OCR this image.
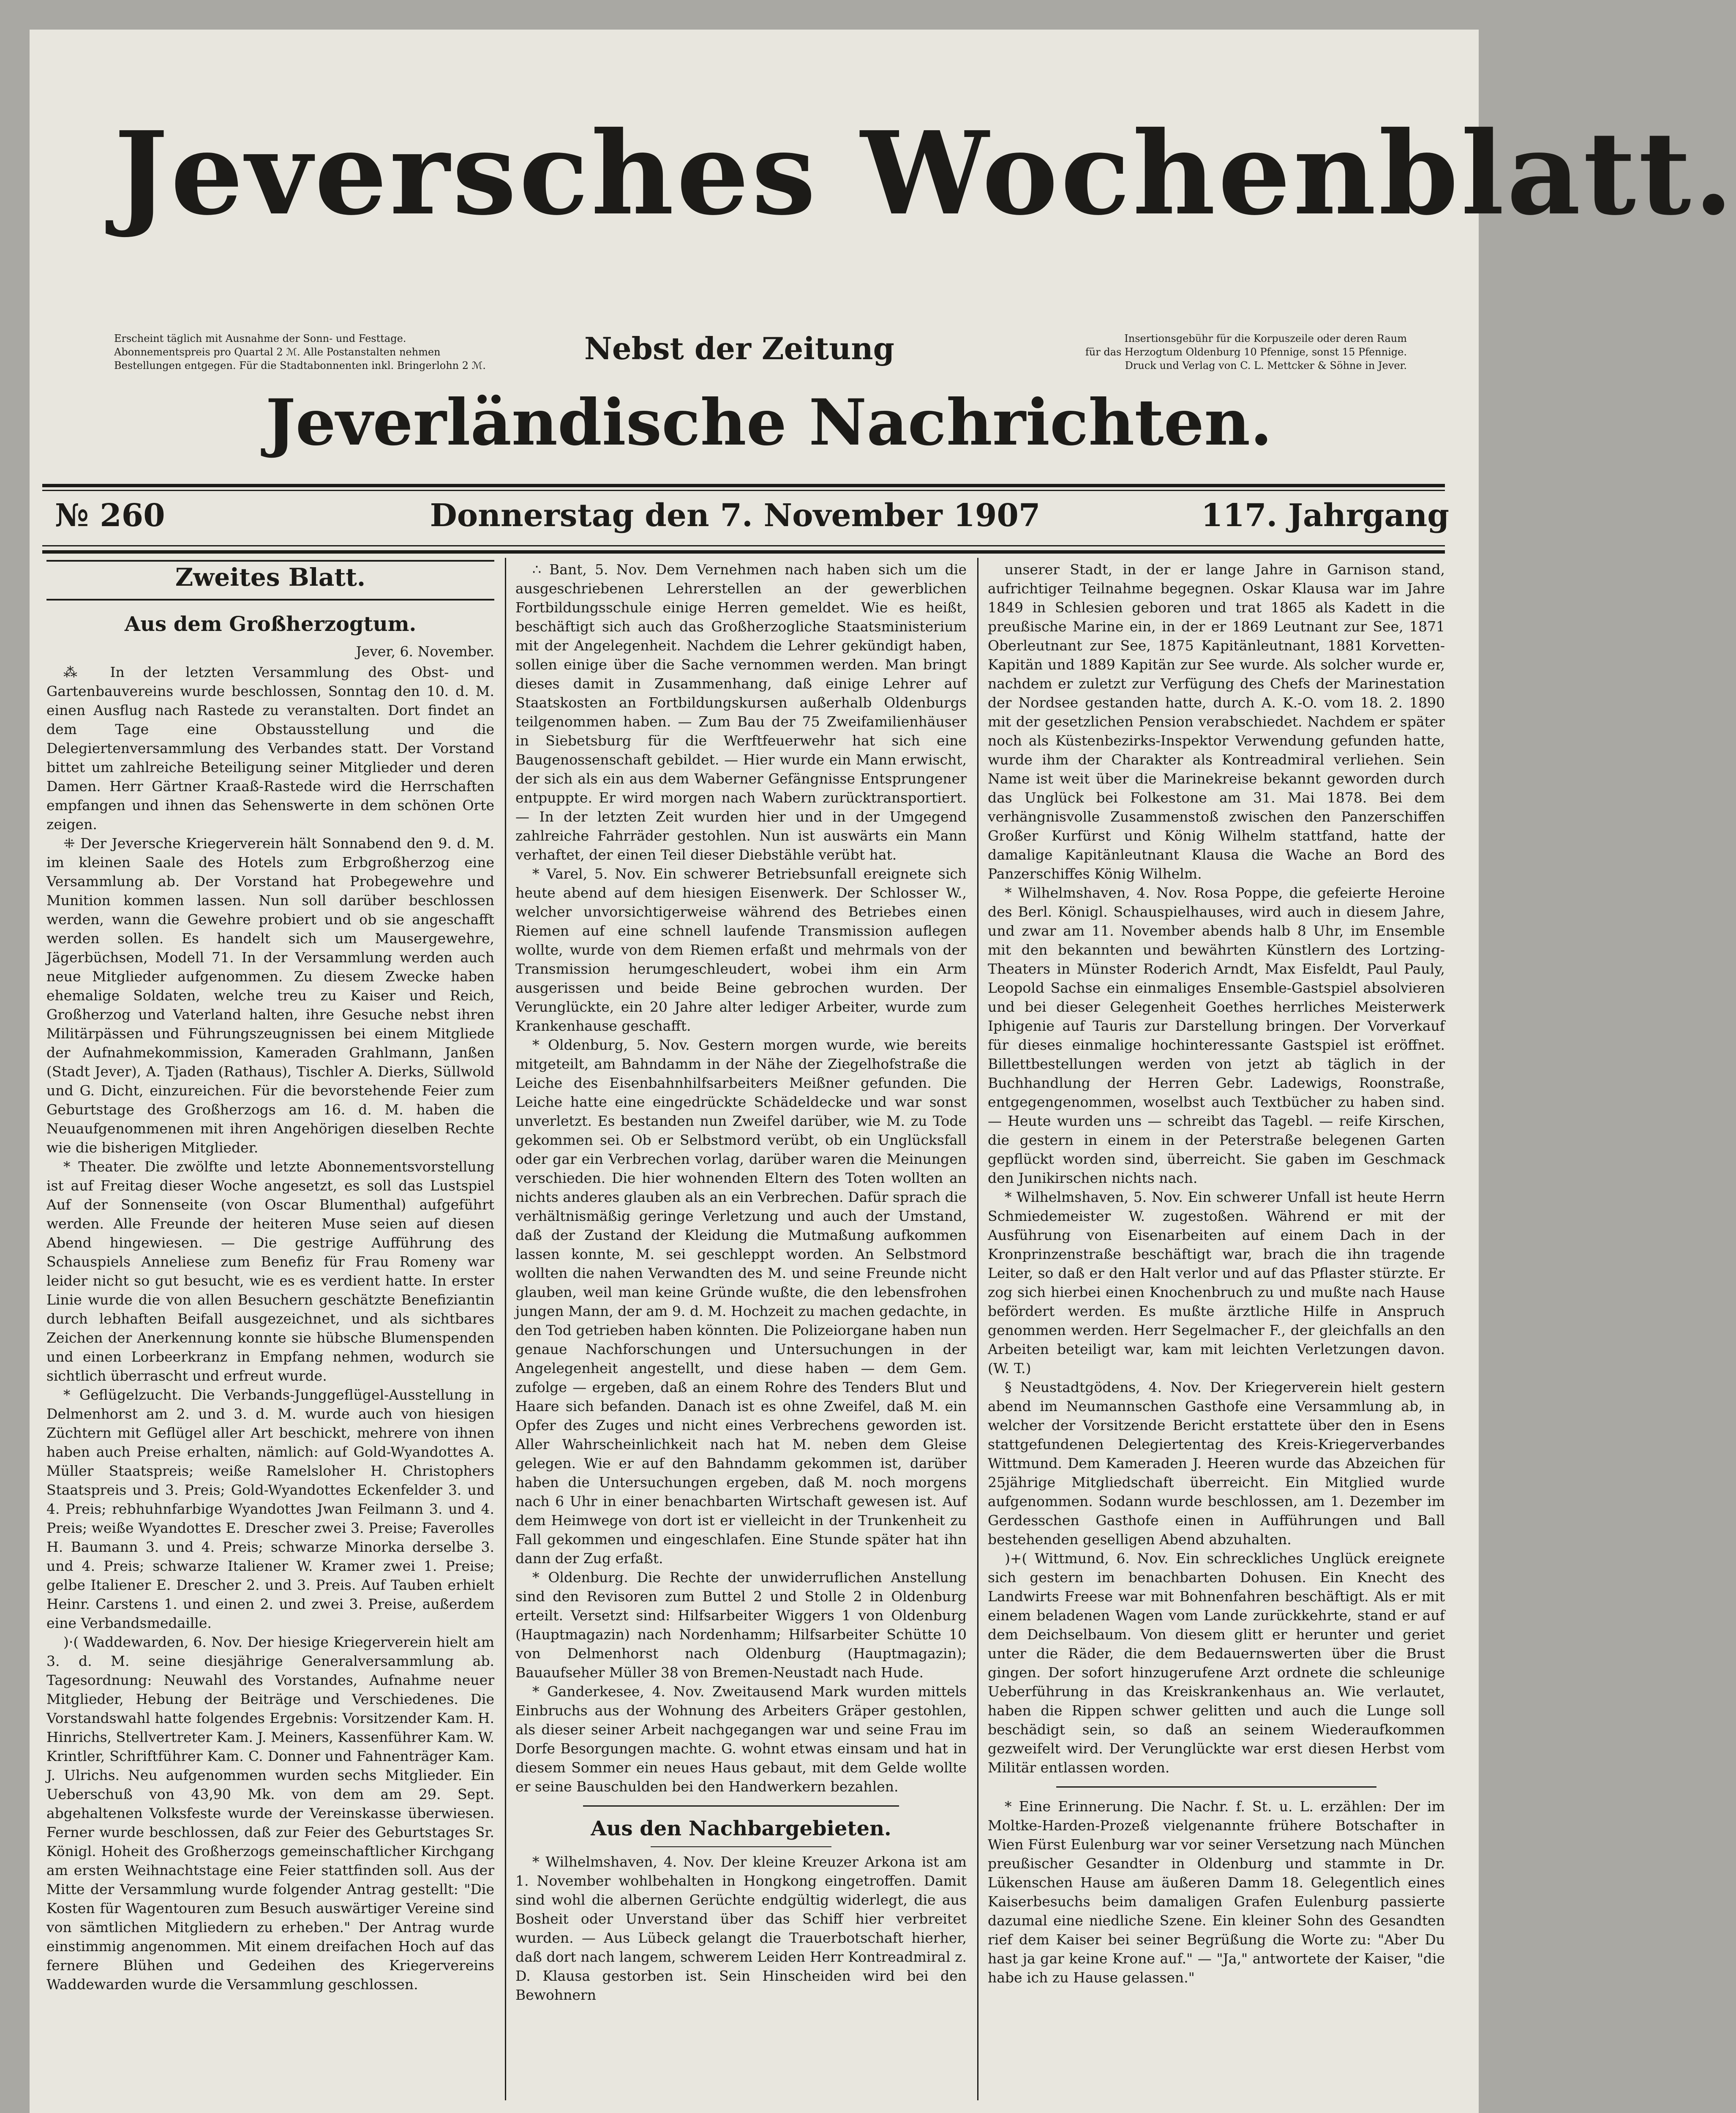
Jeversches Wochenblatt.
Erscheint täglich mit Ausnahme der Sonn- und Festtage.
Abonnementspreis pro Quartal 2 ℳ. Alle Postanstalten nehmen
Bestellungen entgegen. Für die Stadtabonnenten inkl. Bringerlohn 2 ℳ.	Nebst der Zeitung	Insertionsgebühr für die Korpuszeile oder deren Raum
für das Herzogtum Oldenburg 10 Pfennige, sonst 15 Pfennige.
Druck und Verlag von C. L. Mettcker & Söhne in Jever.
Jeverländische Nachrichten.
№ 260	Donnerstag den 7. November 1907	117. Jahrgang
Zweites Blatt.
Aus dem Großherzogtum.

Jever, 6. November.

⁂ In der letzten Versammlung des Obst- und Gartenbauvereins wurde beschlossen, Sonntag den 10. d. M. einen Ausflug nach Rastede zu veranstalten. Dort findet an dem Tage eine Obstausstellung und die Delegiertenversammlung des Verbandes statt. Der Vorstand bittet um zahlreiche Beteiligung seiner Mitglieder und deren Damen. Herr Gärtner Kraaß-Rastede wird die Herrschaften empfangen und ihnen das Sehenswerte in dem schönen Orte zeigen.

⁜ Der Jeversche Kriegerverein hält Sonnabend den 9. d. M. im kleinen Saale des Hotels zum Erbgroßherzog eine Versammlung ab. Der Vorstand hat Probegewehre und Munition kommen lassen. Nun soll darüber beschlossen werden, wann die Gewehre probiert und ob sie angeschafft werden sollen. Es handelt sich um Mausergewehre, Jägerbüchsen, Modell 71. In der Versammlung werden auch neue Mitglieder aufgenommen. Zu diesem Zwecke haben ehemalige Soldaten, welche treu zu Kaiser und Reich, Großherzog und Vaterland halten, ihre Gesuche nebst ihren Militärpässen und Führungszeugnissen bei einem Mitgliede der Aufnahmekommission, Kameraden Grahlmann, Janßen (Stadt Jever), A. Tjaden (Rathaus), Tischler A. Dierks, Süllwold und G. Dicht, einzureichen. Für die bevorstehende Feier zum Geburtstage des Großherzogs am 16. d. M. haben die Neuaufgenommenen mit ihren Angehörigen dieselben Rechte wie die bisherigen Mitglieder.

* Theater. Die zwölfte und letzte Abonnementsvorstellung ist auf Freitag dieser Woche angesetzt, es soll das Lustspiel Auf der Sonnenseite (von Oscar Blumenthal) aufgeführt werden. Alle Freunde der heiteren Muse seien auf diesen Abend hingewiesen. — Die gestrige Aufführung des Schauspiels Anneliese zum Benefiz für Frau Romeny war leider nicht so gut besucht, wie es es verdient hatte. In erster Linie wurde die von allen Besuchern geschätzte Benefiziantin durch lebhaften Beifall ausgezeichnet, und als sichtbares Zeichen der Anerkennung konnte sie hübsche Blumenspenden und einen Lorbeerkranz in Empfang nehmen, wodurch sie sichtlich überrascht und erfreut wurde.

* Geflügelzucht. Die Verbands-Junggeflügel-Ausstellung in Delmenhorst am 2. und 3. d. M. wurde auch von hiesigen Züchtern mit Geflügel aller Art beschickt, mehrere von ihnen haben auch Preise erhalten, nämlich: auf Gold-Wyandottes A. Müller Staatspreis; weiße Ramelsloher H. Christophers Staatspreis und 3. Preis; Gold-Wyandottes Eckenfelder 3. und 4. Preis; rebhuhnfarbige Wyandottes Jwan Feilmann 3. und 4. Preis; weiße Wyandottes E. Drescher zwei 3. Preise; Faverolles H. Baumann 3. und 4. Preis; schwarze Minorka derselbe 3. und 4. Preis; schwarze Italiener W. Kramer zwei 1. Preise; gelbe Italiener E. Drescher 2. und 3. Preis. Auf Tauben erhielt Heinr. Carstens 1. und einen 2. und zwei 3. Preise, außerdem eine Verbandsmedaille.

)·( Waddewarden, 6. Nov. Der hiesige Kriegerverein hielt am 3. d. M. seine diesjährige Generalversammlung ab. Tagesordnung: Neuwahl des Vorstandes, Aufnahme neuer Mitglieder, Hebung der Beiträge und Verschiedenes. Die Vorstandswahl hatte folgendes Ergebnis: Vorsitzender Kam. H. Hinrichs, Stellvertreter Kam. J. Meiners, Kassenführer Kam. W. Krintler, Schriftführer Kam. C. Donner und Fahnenträger Kam. J. Ulrichs. Neu aufgenommen wurden sechs Mitglieder. Ein Ueberschuß von 43,90 Mk. von dem am 29. Sept. abgehaltenen Volksfeste wurde der Vereinskasse überwiesen. Ferner wurde beschlossen, daß zur Feier des Geburtstages Sr. Königl. Hoheit des Großherzogs gemeinschaftlicher Kirchgang am ersten Weihnachtstage eine Feier stattfinden soll. Aus der Mitte der Versammlung wurde folgender Antrag gestellt: "Die Kosten für Wagentouren zum Besuch auswärtiger Vereine sind von sämtlichen Mitgliedern zu erheben." Der Antrag wurde einstimmig angenommen. Mit einem dreifachen Hoch auf das fernere Blühen und Gedeihen des Kriegervereins Waddewarden wurde die Versammlung geschlossen.

∴ Bant, 5. Nov. Dem Vernehmen nach haben sich um die ausgeschriebenen Lehrerstellen an der gewerblichen Fortbildungsschule einige Herren gemeldet. Wie es heißt, beschäftigt sich auch das Großherzogliche Staatsministerium mit der Angelegenheit. Nachdem die Lehrer gekündigt haben, sollen einige über die Sache vernommen werden. Man bringt dieses damit in Zusammenhang, daß einige Lehrer auf Staatskosten an Fortbildungskursen außerhalb Oldenburgs teilgenommen haben. — Zum Bau der 75 Zweifamilienhäuser in Siebetsburg für die Werftfeuerwehr hat sich eine Baugenossenschaft gebildet. — Hier wurde ein Mann erwischt, der sich als ein aus dem Waberner Gefängnisse Entsprungener entpuppte. Er wird morgen nach Wabern zurücktransportiert. — In der letzten Zeit wurden hier und in der Umgegend zahlreiche Fahrräder gestohlen. Nun ist auswärts ein Mann verhaftet, der einen Teil dieser Diebstähle verübt hat.

* Varel, 5. Nov. Ein schwerer Betriebsunfall ereignete sich heute abend auf dem hiesigen Eisenwerk. Der Schlosser W., welcher unvorsichtigerweise während des Betriebes einen Riemen auf eine schnell laufende Transmission auflegen wollte, wurde von dem Riemen erfaßt und mehrmals von der Transmission herumgeschleudert, wobei ihm ein Arm ausgerissen und beide Beine gebrochen wurden. Der Verunglückte, ein 20 Jahre alter lediger Arbeiter, wurde zum Krankenhause geschafft.

* Oldenburg, 5. Nov. Gestern morgen wurde, wie bereits mitgeteilt, am Bahndamm in der Nähe der Ziegelhofstraße die Leiche des Eisenbahnhilfsarbeiters Meißner gefunden. Die Leiche hatte eine eingedrückte Schädeldecke und war sonst unverletzt. Es bestanden nun Zweifel darüber, wie M. zu Tode gekommen sei. Ob er Selbstmord verübt, ob ein Unglücksfall oder gar ein Verbrechen vorlag, darüber waren die Meinungen verschieden. Die hier wohnenden Eltern des Toten wollten an nichts anderes glauben als an ein Verbrechen. Dafür sprach die verhältnismäßig geringe Verletzung und auch der Umstand, daß der Zustand der Kleidung die Mutmaßung aufkommen lassen konnte, M. sei geschleppt worden. An Selbstmord wollten die nahen Verwandten des M. und seine Freunde nicht glauben, weil man keine Gründe wußte, die den lebensfrohen jungen Mann, der am 9. d. M. Hochzeit zu machen gedachte, in den Tod getrieben haben könnten. Die Polizeiorgane haben nun genaue Nachforschungen und Untersuchungen in der Angelegenheit angestellt, und diese haben — dem Gem. zufolge — ergeben, daß an einem Rohre des Tenders Blut und Haare sich befanden. Danach ist es ohne Zweifel, daß M. ein Opfer des Zuges und nicht eines Verbrechens geworden ist. Aller Wahrscheinlichkeit nach hat M. neben dem Gleise gelegen. Wie er auf den Bahndamm gekommen ist, darüber haben die Untersuchungen ergeben, daß M. noch morgens nach 6 Uhr in einer benachbarten Wirtschaft gewesen ist. Auf dem Heimwege von dort ist er vielleicht in der Trunkenheit zu Fall gekommen und eingeschlafen. Eine Stunde später hat ihn dann der Zug erfaßt.

* Oldenburg. Die Rechte der unwiderruflichen Anstellung sind den Revisoren zum Buttel 2 und Stolle 2 in Oldenburg erteilt. Versetzt sind: Hilfsarbeiter Wiggers 1 von Oldenburg (Hauptmagazin) nach Nordenhamm; Hilfsarbeiter Schütte 10 von Delmenhorst nach Oldenburg (Hauptmagazin); Bauaufseher Müller 38 von Bremen-Neustadt nach Hude.

* Ganderkesee, 4. Nov. Zweitausend Mark wurden mittels Einbruchs aus der Wohnung des Arbeiters Gräper gestohlen, als dieser seiner Arbeit nachgegangen war und seine Frau im Dorfe Besorgungen machte. G. wohnt etwas einsam und hat in diesem Sommer ein neues Haus gebaut, mit dem Gelde wollte er seine Bauschulden bei den Handwerkern bezahlen.

Aus den Nachbargebieten.

* Wilhelmshaven, 4. Nov. Der kleine Kreuzer Arkona ist am 1. November wohlbehalten in Hongkong eingetroffen. Damit sind wohl die albernen Gerüchte endgültig widerlegt, die aus Bosheit oder Unverstand über das Schiff hier verbreitet wurden. — Aus Lübeck gelangt die Trauerbotschaft hierher, daß dort nach langem, schwerem Leiden Herr Kontreadmiral z. D. Klausa gestorben ist. Sein Hinscheiden wird bei den Bewohnern

unserer Stadt, in der er lange Jahre in Garnison stand, aufrichtiger Teilnahme begegnen. Oskar Klausa war im Jahre 1849 in Schlesien geboren und trat 1865 als Kadett in die preußische Marine ein, in der er 1869 Leutnant zur See, 1871 Oberleutnant zur See, 1875 Kapitänleutnant, 1881 Korvetten-Kapitän und 1889 Kapitän zur See wurde. Als solcher wurde er, nachdem er zuletzt zur Verfügung des Chefs der Marinestation der Nordsee gestanden hatte, durch A. K.-O. vom 18. 2. 1890 mit der gesetzlichen Pension verabschiedet. Nachdem er später noch als Küstenbezirks-Inspektor Verwendung gefunden hatte, wurde ihm der Charakter als Kontreadmiral verliehen. Sein Name ist weit über die Marinekreise bekannt geworden durch das Unglück bei Folkestone am 31. Mai 1878. Bei dem verhängnisvolle Zusammenstoß zwischen den Panzerschiffen Großer Kurfürst und König Wilhelm stattfand, hatte der damalige Kapitänleutnant Klausa die Wache an Bord des Panzerschiffes König Wilhelm.

* Wilhelmshaven, 4. Nov. Rosa Poppe, die gefeierte Heroine des Berl. Königl. Schauspielhauses, wird auch in diesem Jahre, und zwar am 11. November abends halb 8 Uhr, im Ensemble mit den bekannten und bewährten Künstlern des Lortzing-Theaters in Münster Roderich Arndt, Max Eisfeldt, Paul Pauly, Leopold Sachse ein einmaliges Ensemble-Gastspiel absolvieren und bei dieser Gelegenheit Goethes herrliches Meisterwerk Iphigenie auf Tauris zur Darstellung bringen. Der Vorverkauf für dieses einmalige hochinteressante Gastspiel ist eröffnet. Billettbestellungen werden von jetzt ab täglich in der Buchhandlung der Herren Gebr. Ladewigs, Roonstraße, entgegengenommen, woselbst auch Textbücher zu haben sind. — Heute wurden uns — schreibt das Tagebl. — reife Kirschen, die gestern in einem in der Peterstraße belegenen Garten gepflückt worden sind, überreicht. Sie gaben im Geschmack den Junikirschen nichts nach.

* Wilhelmshaven, 5. Nov. Ein schwerer Unfall ist heute Herrn Schmiedemeister W. zugestoßen. Während er mit der Ausführung von Eisenarbeiten auf einem Dach in der Kronprinzenstraße beschäftigt war, brach die ihn tragende Leiter, so daß er den Halt verlor und auf das Pflaster stürzte. Er zog sich hierbei einen Knochenbruch zu und mußte nach Hause befördert werden. Es mußte ärztliche Hilfe in Anspruch genommen werden. Herr Segelmacher F., der gleichfalls an den Arbeiten beteiligt war, kam mit leichten Verletzungen davon. (W. T.)

§ Neustadtgödens, 4. Nov. Der Kriegerverein hielt gestern abend im Neumannschen Gasthofe eine Versammlung ab, in welcher der Vorsitzende Bericht erstattete über den in Esens stattgefundenen Delegiertentag des Kreis-Kriegerverbandes Wittmund. Dem Kameraden J. Heeren wurde das Abzeichen für 25jährige Mitgliedschaft überreicht. Ein Mitglied wurde aufgenommen. Sodann wurde beschlossen, am 1. Dezember im Gerdesschen Gasthofe einen in Aufführungen und Ball bestehenden geselligen Abend abzuhalten.

)+( Wittmund, 6. Nov. Ein schreckliches Unglück ereignete sich gestern im benachbarten Dohusen. Ein Knecht des Landwirts Freese war mit Bohnenfahren beschäftigt. Als er mit einem beladenen Wagen vom Lande zurückkehrte, stand er auf dem Deichselbaum. Von diesem glitt er herunter und geriet unter die Räder, die dem Bedauernswerten über die Brust gingen. Der sofort hinzugerufene Arzt ordnete die schleunige Ueberführung in das Kreiskrankenhaus an. Wie verlautet, haben die Rippen schwer gelitten und auch die Lunge soll beschädigt sein, so daß an seinem Wiederaufkommen gezweifelt wird. Der Verunglückte war erst diesen Herbst vom Militär entlassen worden.

* Eine Erinnerung. Die Nachr. f. St. u. L. erzählen: Der im Moltke-Harden-Prozeß vielgenannte frühere Botschafter in Wien Fürst Eulenburg war vor seiner Versetzung nach München preußischer Gesandter in Oldenburg und stammte in Dr. Lükenschen Hause am äußeren Damm 18. Gelegentlich eines Kaiserbesuchs beim damaligen Grafen Eulenburg passierte dazumal eine niedliche Szene. Ein kleiner Sohn des Gesandten rief dem Kaiser bei seiner Begrüßung die Worte zu: "Aber Du hast ja gar keine Krone auf." — "Ja," antwortete der Kaiser, "die habe ich zu Hause gelassen."
